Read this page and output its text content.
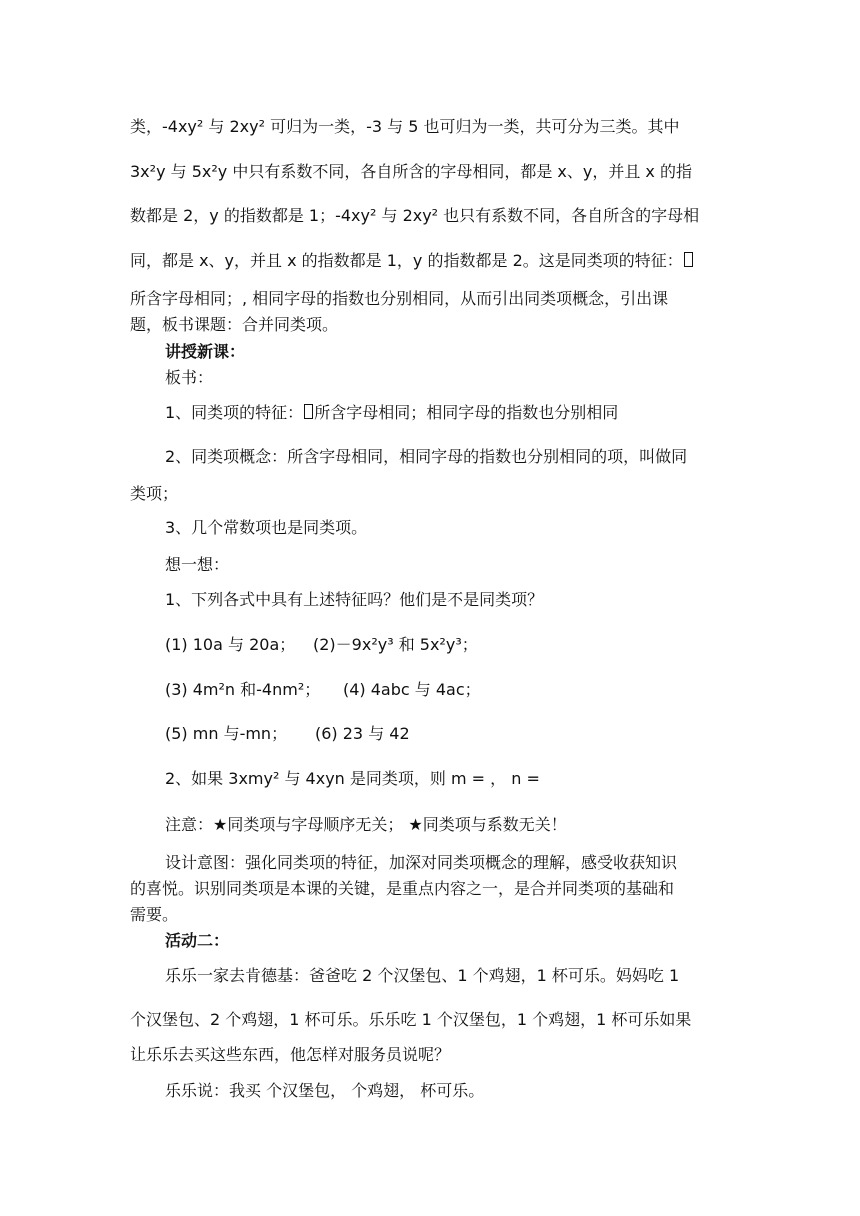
类，-4xy² 与 2xy² 可归为一类，-3 与 5 也可归为一类，共可分为三类。其中
3x²y 与 5x²y 中只有系数不同，各自所含的字母相同，都是 x、y，并且 x 的指
数都是 2，y 的指数都是 1；-4xy² 与 2xy² 也只有系数不同，各自所含的字母相
同，都是 x、y，并且 x 的指数都是 1，y 的指数都是 2。这是同类项的特征：
所含字母相同；, 相同字母的指数也分别相同，从而引出同类项概念，引出课
题，板书课题：合并同类项。
讲授新课：
板书：
1、同类项的特征： 所含字母相同；相同字母的指数也分别相同
2、同类项概念：所含字母相同，相同字母的指数也分别相同的项，叫做同
类项；
3、几个常数项也是同类项。
想一想：
1、下列各式中具有上述特征吗？他们是不是同类项？
(1) 10a 与 20a； (2)－9x²y³ 和 5x²y³；
(3) 4m²n 和-4nm²； (4) 4abc 与 4ac；
(5) mn 与-mn； (6) 23 与 42
2、如果 3xmy² 与 4xyn 是同类项，则 m = ， n =
注意：★同类项与字母顺序无关； ★同类项与系数无关！
设计意图：强化同类项的特征，加深对同类项概念的理解，感受收获知识
的喜悦。识别同类项是本课的关键，是重点内容之一，是合并同类项的基础和
需要。
活动二：
乐乐一家去肯德基：爸爸吃 2 个汉堡包、1 个鸡翅，1 杯可乐。妈妈吃 1
个汉堡包、2 个鸡翅，1 杯可乐。乐乐吃 1 个汉堡包，1 个鸡翅，1 杯可乐如果
让乐乐去买这些东西，他怎样对服务员说呢？
乐乐说：我买 个汉堡包， 个鸡翅， 杯可乐。
